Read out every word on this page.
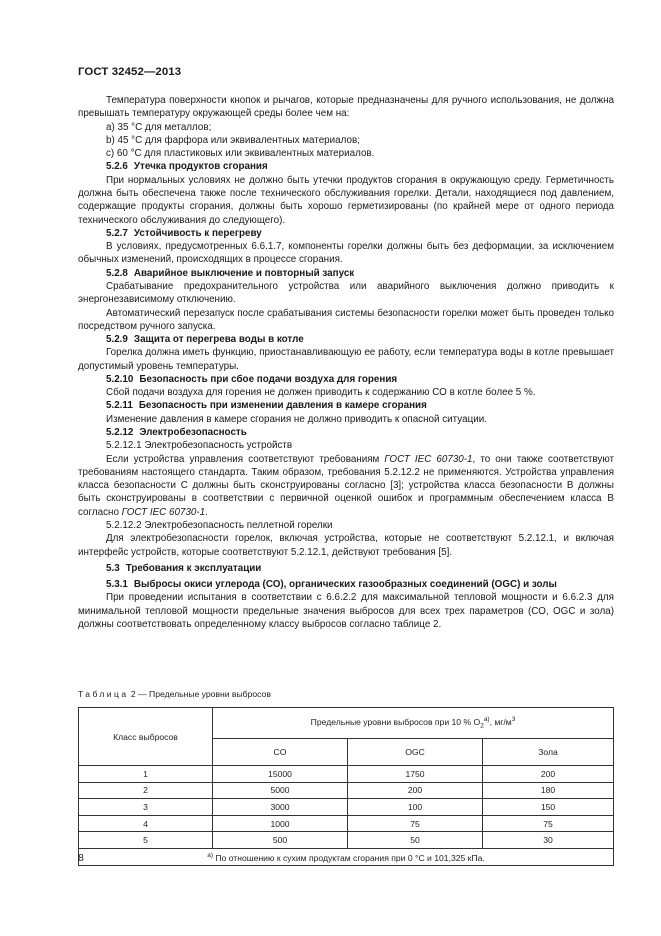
ГОСТ 32452—2013

Температура поверхности кнопок и рычагов, которые предназначены для ручного использования, не должна превышать температуру окружающей среды более чем на:

a) 35 °С для металлов;

b) 45 °С для фарфора или эквивалентных материалов;

c) 60 °С для пластиковых или эквивалентных материалов.

5.2.6 Утечка продуктов сгорания

При нормальных условиях не должно быть утечки продуктов сгорания в окружающую среду. Герметичность должна быть обеспечена также после технического обслуживания горелки. Детали, находящиеся под давлением, содержащие продукты сгорания, должны быть хорошо герметизированы (по крайней мере от одного периода технического обслуживания до следующего).

5.2.7 Устойчивость к перегреву

В условиях, предусмотренных 6.6.1.7, компоненты горелки должны быть без деформации, за исключением обычных изменений, происходящих в процессе сгорания.

5.2.8 Аварийное выключение и повторный запуск

Срабатывание предохранительного устройства или аварийного выключения должно приводить к энергонезависимому отключению.

Автоматический перезапуск после срабатывания системы безопасности горелки может быть проведен только посредством ручного запуска.

5.2.9 Защита от перегрева воды в котле

Горелка должна иметь функцию, приостанавливающую ее работу, если температура воды в котле превышает допустимый уровень температуры.

5.2.10 Безопасность при сбое подачи воздуха для горения

Сбой подачи воздуха для горения не должен приводить к содержанию СО в котле более 5 %.

5.2.11 Безопасность при изменении давления в камере сгорания

Изменение давления в камере сгорания не должно приводить к опасной ситуации.

5.2.12 Электробезопасность

5.2.12.1 Электробезопасность устройств

Если устройства управления соответствуют требованиям ГОСТ IEC 60730-1, то они также соответствуют требованиям настоящего стандарта. Таким образом, требования 5.2.12.2 не применяются. Устройства управления класса безопасности С должны быть сконструированы согласно [3]; устройства класса безопасности В должны быть сконструированы в соответствии с первичной оценкой ошибок и программным обеспечением класса В согласно ГОСТ IEC 60730-1.

5.2.12.2 Электробезопасность пеллетной горелки

Для электробезопасности горелок, включая устройства, которые не соответствуют 5.2.12.1, и включая интерфейс устройств, которые соответствуют 5.2.12.1, действуют требования [5].

5.3 Требования к эксплуатации

5.3.1 Выбросы окиси углерода (СО), органических газообразных соединений (OGC) и золы

При проведении испытания в соответствии с 6.6.2.2 для максимальной тепловой мощности и 6.6.2.3 для минимальной тепловой мощности предельные значения выбросов для всех трех параметров (СО, OGC и зола) должны соответствовать определенному классу выбросов согласно таблице 2.

Таблица 2 — Предельные уровни выбросов
Класс выбросов	Предельные уровни выбросов при 10 % $О_2^{а)}$, $мг/м^3$
	CO	OGC	Зола
1	15000	1750	200
2	5000	200	180
3	3000	100	150
4	1000	75	75
5	500	50	30
$^{а)}$ По отношению к сухим продуктам сгорания при 0 °С и 101,325 кПа.			
8
